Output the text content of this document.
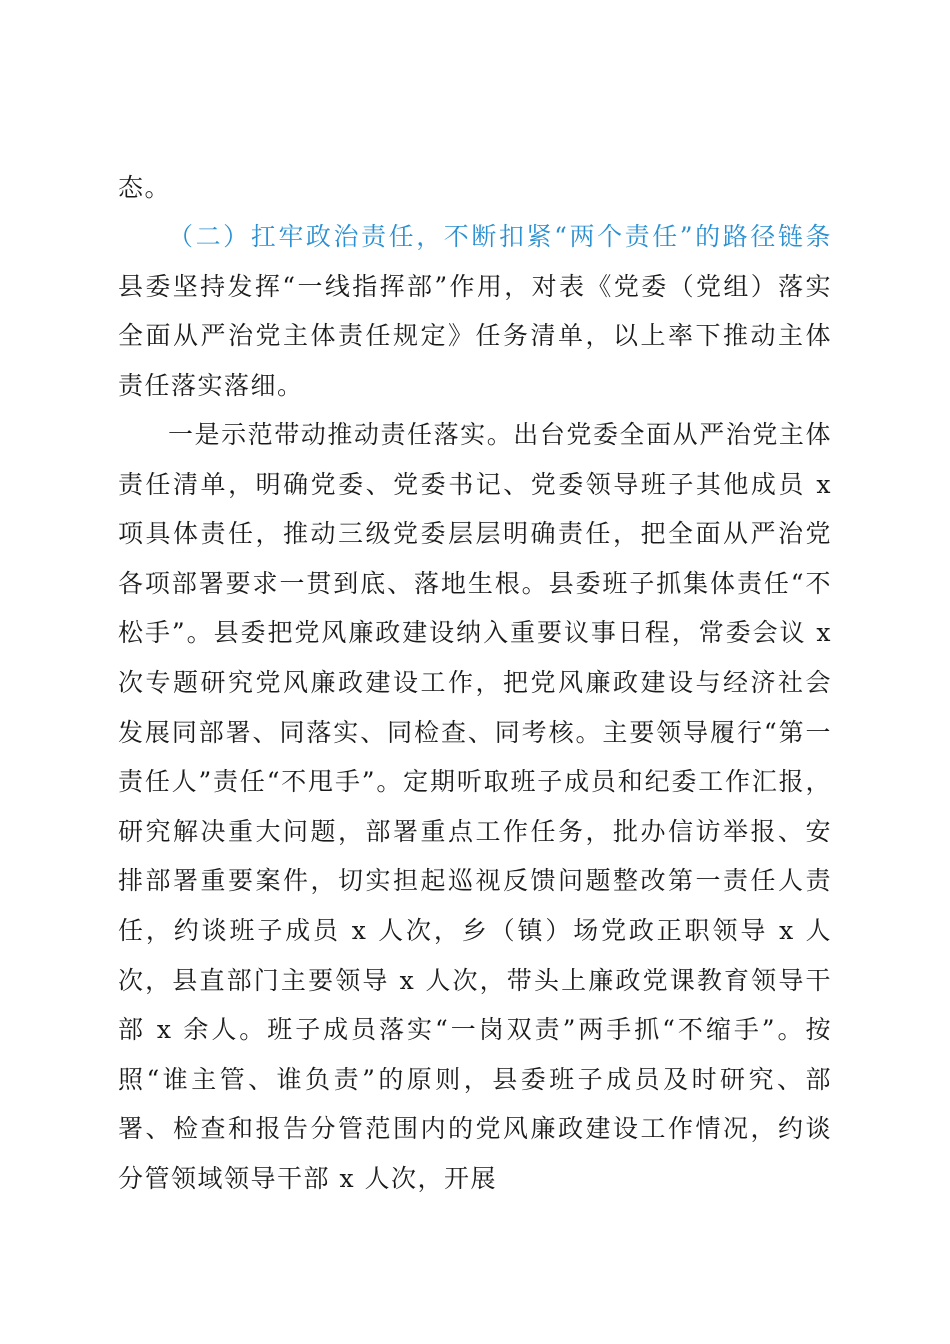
态。

（二）扛牢政治责任，不断扣紧“两个责任”的路径链条县委坚持发挥“一线指挥部”作用，对表《党委（党组）落实全面从严治党主体责任规定》任务清单，以上率下推动主体责任落实落细。

一是示范带动推动责任落实。出台党委全面从严治党主体责任清单，明确党委、党委书记、党委领导班子其他成员 x 项具体责任，推动三级党委层层明确责任，把全面从严治党各项部署要求一贯到底、落地生根。县委班子抓集体责任“不松手”。县委把党风廉政建设纳入重要议事日程，常委会议 x 次专题研究党风廉政建设工作，把党风廉政建设与经济社会发展同部署、同落实、同检查、同考核。主要领导履行“第一责任人”责任“不甩手”。定期听取班子成员和纪委工作汇报，研究解决重大问题，部署重点工作任务，批办信访举报、安排部署重要案件，切实担起巡视反馈问题整改第一责任人责任，约谈班子成员 x 人次，乡（镇）场党政正职领导 x 人次，县直部门主要领导 x 人次，带头上廉政党课教育领导干部 x 余人。班子成员落实“一岗双责”两手抓“不缩手”。按照“谁主管、谁负责”的原则，县委班子成员及时研究、部署、检查和报告分管范围内的党风廉政建设工作情况，约谈分管领域领导干部 x 人次，开展
